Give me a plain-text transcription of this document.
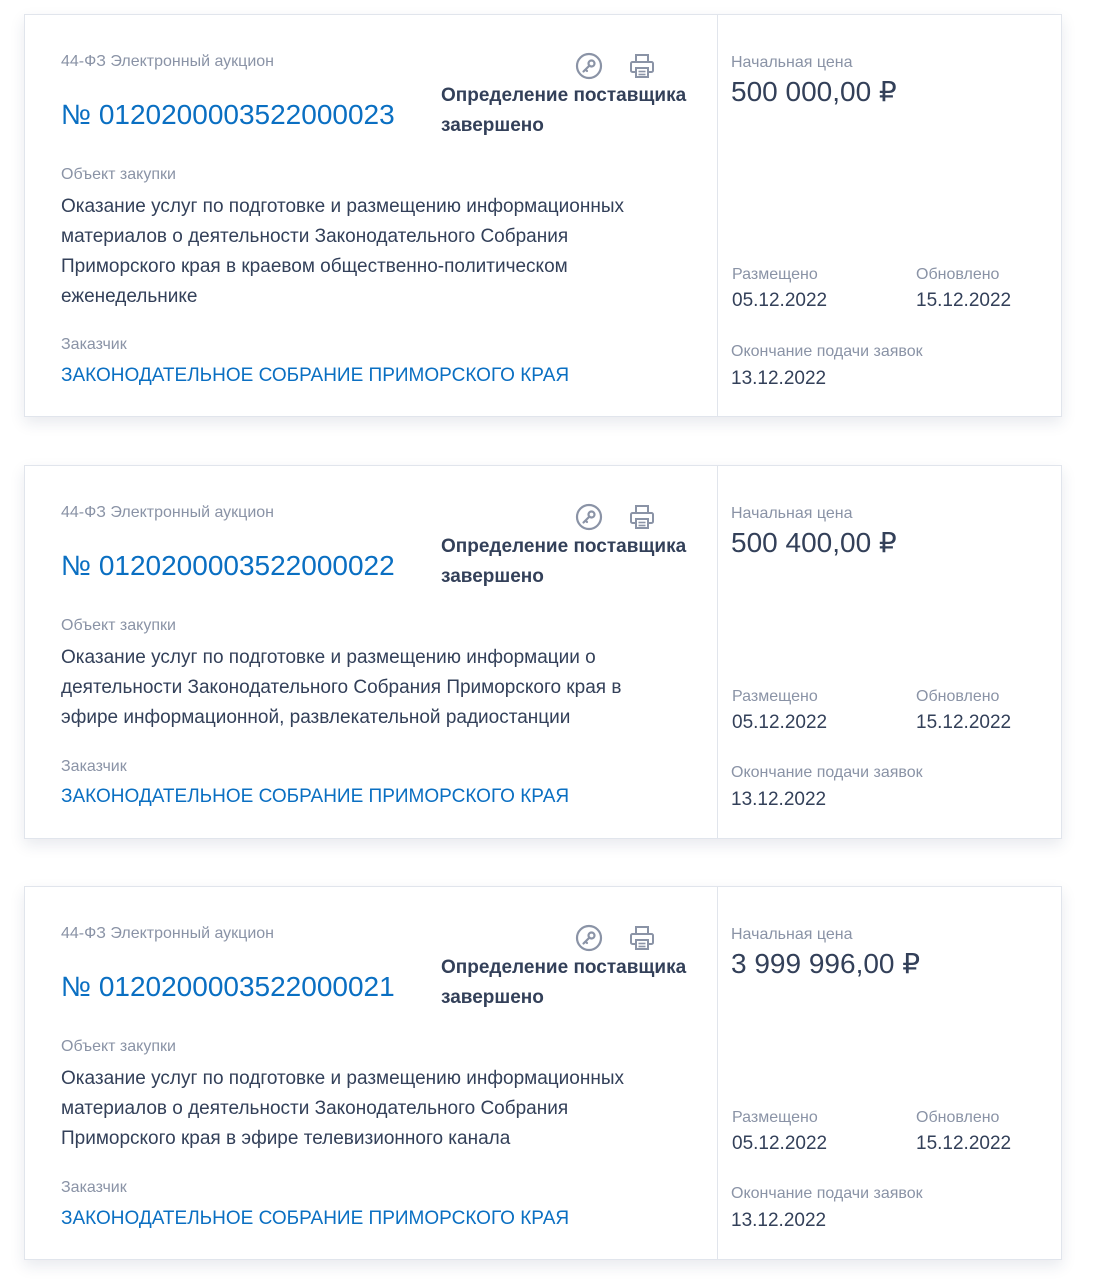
44-ФЗ Электронный аукцион
№ 0120200003522000023
Определение поставщика завершено
Объект закупки
Оказание услуг по подготовке и размещению информационных материалов о деятельности Законодательного Собрания Приморского края в краевом общественно-политическом еженедельнике
Заказчик
ЗАКОНОДАТЕЛЬНОЕ СОБРАНИЕ ПРИМОРСКОГО КРАЯ
Начальная цена
500 000,00 ₽
Размещено
05.12.2022
Обновлено
15.12.2022
Окончание подачи заявок
13.12.2022
44-ФЗ Электронный аукцион
№ 0120200003522000022
Определение поставщика завершено
Объект закупки
Оказание услуг по подготовке и размещению информации о деятельности Законодательного Собрания Приморского края в эфире информационной, развлекательной радиостанции
Заказчик
ЗАКОНОДАТЕЛЬНОЕ СОБРАНИЕ ПРИМОРСКОГО КРАЯ
Начальная цена
500 400,00 ₽
Размещено
05.12.2022
Обновлено
15.12.2022
Окончание подачи заявок
13.12.2022
44-ФЗ Электронный аукцион
№ 0120200003522000021
Определение поставщика завершено
Объект закупки
Оказание услуг по подготовке и размещению информационных материалов о деятельности Законодательного Собрания Приморского края в эфире телевизионного канала
Заказчик
ЗАКОНОДАТЕЛЬНОЕ СОБРАНИЕ ПРИМОРСКОГО КРАЯ
Начальная цена
3 999 996,00 ₽
Размещено
05.12.2022
Обновлено
15.12.2022
Окончание подачи заявок
13.12.2022
